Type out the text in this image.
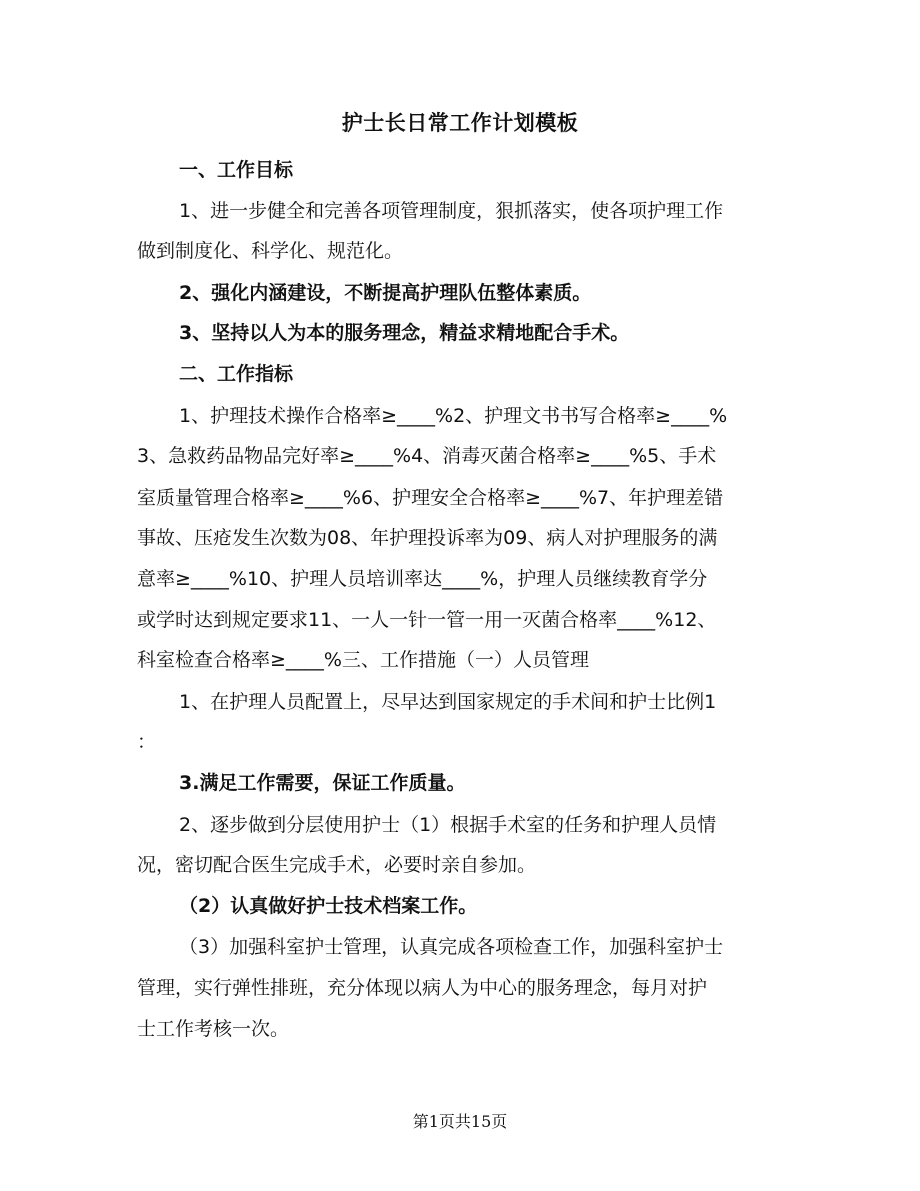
护士长日常工作计划模板
一、工作目标
1、进一步健全和完善各项管理制度，狠抓落实，使各项护理工作
做到制度化、科学化、规范化。
2、强化内涵建设，不断提高护理队伍整体素质。
3、坚持以人为本的服务理念，精益求精地配合手术。
二、工作指标
1、护理技术操作合格率≥____%2、护理文书书写合格率≥____%
3、急救药品物品完好率≥____%4、消毒灭菌合格率≥____%5、手术
室质量管理合格率≥____%6、护理安全合格率≥____%7、年护理差错
事故、压疮发生次数为08、年护理投诉率为09、病人对护理服务的满
意率≥____%10、护理人员培训率达____%，护理人员继续教育学分
或学时达到规定要求11、一人一针一管一用一灭菌合格率____%12、
科室检查合格率≥____%三、工作措施（一）人员管理
1、在护理人员配置上，尽早达到国家规定的手术间和护士比例1
：
3.满足工作需要，保证工作质量。
2、逐步做到分层使用护士（1）根据手术室的任务和护理人员情
况，密切配合医生完成手术，必要时亲自参加。
（2）认真做好护士技术档案工作。
（3）加强科室护士管理，认真完成各项检查工作，加强科室护士
管理，实行弹性排班，充分体现以病人为中心的服务理念，每月对护
士工作考核一次。
第1页共15页
